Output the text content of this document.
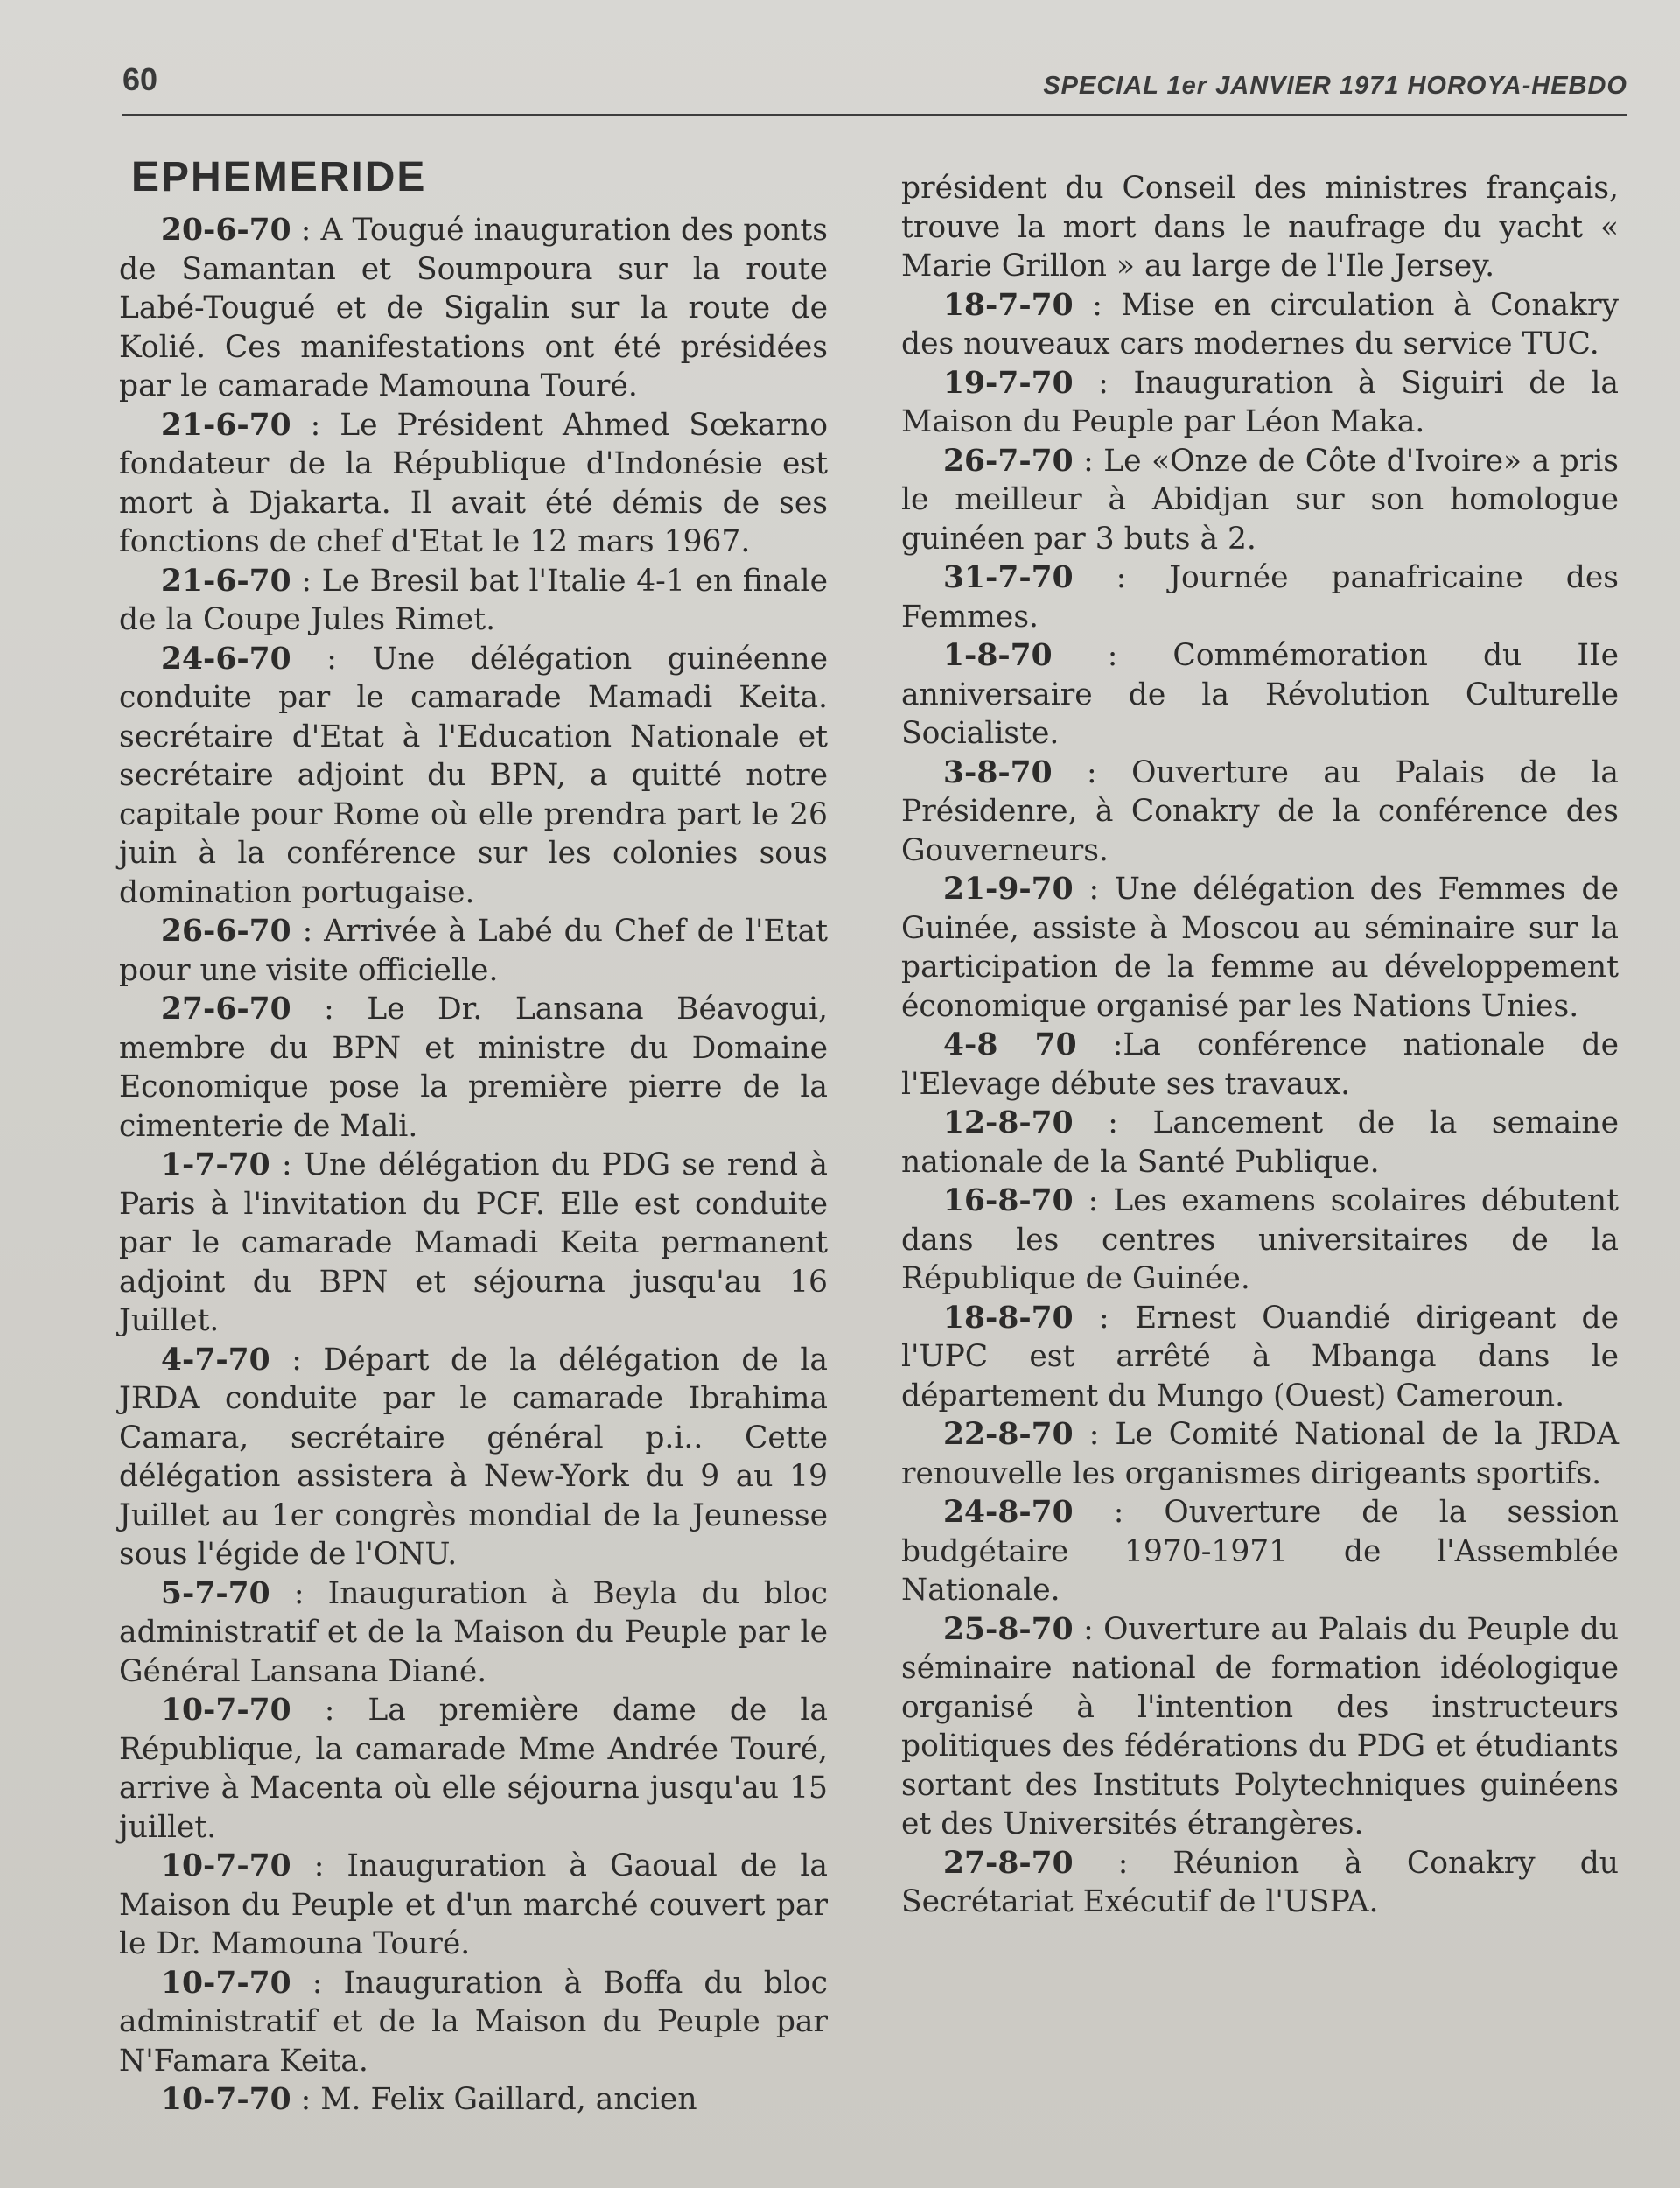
60	SPECIAL 1er JANVIER 1971 HOROYA-HEBDO
EPHEMERIDE

20-6-70 : A Tougué inauguration des ponts de Samantan et Soumpoura sur la route Labé-Tougué et de Sigalin sur la route de Kolié. Ces manifestations ont été présidées par le camarade Mamouna Touré.

21-6-70 : Le Président Ahmed Sœkarno fondateur de la République d'Indonésie est mort à Djakarta. Il avait été démis de ses fonctions de chef d'Etat le 12 mars 1967.

21-6-70 : Le Bresil bat l'Italie 4-1 en finale de la Coupe Jules Rimet.

24-6-70 : Une délégation guinéenne conduite par le camarade Mamadi Keita. secrétaire d'Etat à l'Education Nationale et secrétaire adjoint du BPN, a quitté notre capitale pour Rome où elle prendra part le 26 juin à la conférence sur les colonies sous domination portugaise.

26-6-70 : Arrivée à Labé du Chef de l'Etat pour une visite officielle.

27-6-70 : Le Dr. Lansana Béavogui, membre du BPN et ministre du Domaine Economique pose la première pierre de la cimenterie de Mali.

1-7-70 : Une délégation du PDG se rend à Paris à l'invitation du PCF. Elle est conduite par le camarade Mamadi Keita permanent adjoint du BPN et séjourna jusqu'au 16 Juillet.

4-7-70 : Départ de la délégation de la JRDA conduite par le camarade Ibrahima Camara, secrétaire général p.i.. Cette délégation assistera à New-York du 9 au 19 Juillet au 1er congrès mondial de la Jeunesse sous l'égide de l'ONU.

5-7-70 : Inauguration à Beyla du bloc administratif et de la Maison du Peuple par le Général Lansana Diané.

10-7-70 : La première dame de la République, la camarade Mme Andrée Touré, arrive à Macenta où elle séjourna jusqu'au 15 juillet.

10-7-70 : Inauguration à Gaoual de la Maison du Peuple et d'un marché couvert par le Dr. Mamouna Touré.

10-7-70 : Inauguration à Boffa du bloc administratif et de la Maison du Peuple par N'Famara Keita.

10-7-70 : M. Felix Gaillard, ancien

président du Conseil des ministres français, trouve la mort dans le naufrage du yacht « Marie Grillon » au large de l'Ile Jersey.

18-7-70 : Mise en circulation à Conakry des nouveaux cars modernes du service TUC.

19-7-70 : Inauguration à Siguiri de la Maison du Peuple par Léon Maka.

26-7-70 : Le «Onze de Côte d'Ivoire» a pris le meilleur à Abidjan sur son homologue guinéen par 3 buts à 2.

31-7-70 : Journée panafricaine des Femmes.

1-8-70 : Commémoration du IIe anniversaire de la Révolution Culturelle Socialiste.

3-8-70 : Ouverture au Palais de la Présidenre, à Conakry de la conférence des Gouverneurs.

21-9-70 : Une délégation des Femmes de Guinée, assiste à Moscou au séminaire sur la participation de la femme au développement économique organisé par les Nations Unies.

4-8 70 :La conférence nationale de l'Elevage débute ses travaux.

12-8-70 : Lancement de la semaine nationale de la Santé Publique.

16-8-70 : Les examens scolaires débutent dans les centres universitaires de la République de Guinée.

18-8-70 : Ernest Ouandié dirigeant de l'UPC est arrêté à Mbanga dans le département du Mungo (Ouest) Cameroun.

22-8-70 : Le Comité National de la JRDA renouvelle les organismes dirigeants sportifs.

24-8-70 : Ouverture de la session budgétaire 1970-1971 de l'Assemblée Nationale.

25-8-70 : Ouverture au Palais du Peuple du séminaire national de formation idéologique organisé à l'intention des instructeurs politiques des fédérations du PDG et étudiants sortant des Instituts Polytechniques guinéens et des Universités étrangères.

27-8-70 : Réunion à Conakry du Secrétariat Exécutif de l'USPA.
